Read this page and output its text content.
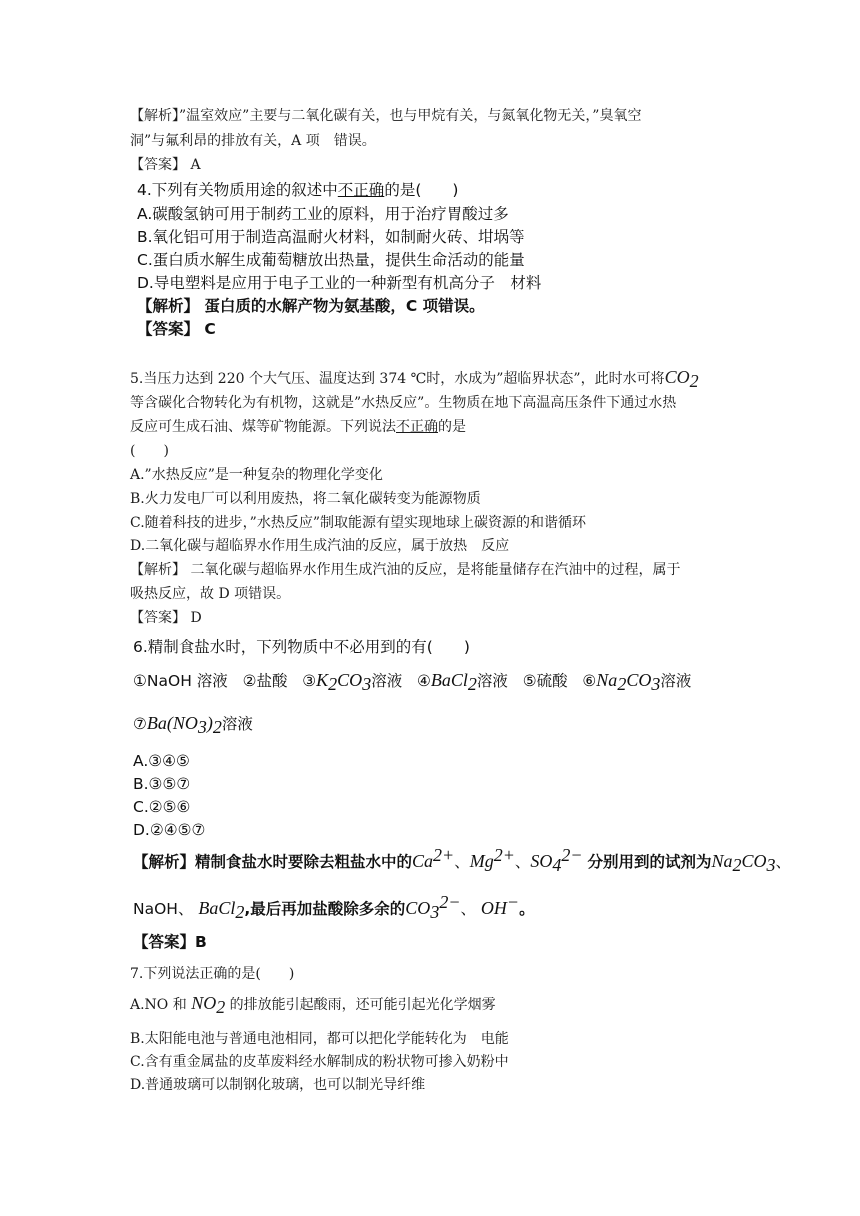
【解析】”温室效应”主要与二氧化碳有关，也与甲烷有关，与氮氧化物无关，”臭氧空
洞”与氟利昂的排放有关，A 项　错误。
【答案】 A
4.下列有关物质用途的叙述中不正确的是(　　)
A.碳酸氢钠可用于制药工业的原料，用于治疗胃酸过多
B.氧化铝可用于制造高温耐火材料，如制耐火砖、坩埚等
C.蛋白质水解生成葡萄糖放出热量，提供生命活动的能量
D.导电塑料是应用于电子工业的一种新型有机高分子　材料
【解析】 蛋白质的水解产物为氨基酸，C 项错误。
【答案】 C
5.当压力达到 220 个大气压、温度达到 374 ℃时，水成为”超临界状态”，此时水可将$CO_2$
等含碳化合物转化为有机物，这就是”水热反应”。生物质在地下高温高压条件下通过水热
反应可生成石油、煤等矿物能源。下列说法不正确的是
(　　)
A.”水热反应”是一种复杂的物理化学变化
B.火力发电厂可以利用废热，将二氧化碳转变为能源物质
C.随着科技的进步，”水热反应”制取能源有望实现地球上碳资源的和谐循环
D.二氧化碳与超临界水作用生成汽油的反应，属于放热　反应
【解析】 二氧化碳与超临界水作用生成汽油的反应，是将能量储存在汽油中的过程，属于
吸热反应，故 D 项错误。
【答案】 D
6.精制食盐水时，下列物质中不必用到的有(　　)
①NaOH 溶液 ②盐酸 $③K_2CO_3$溶液 ④BaCl$_2$溶液 ⑤硫酸 $⑥Na_2CO_3$溶液
$⑦Ba(NO_3)_2$溶液
A.③④⑤
B.③⑤⑦
C.②⑤⑥
D.②④⑤⑦
【解析】精制食盐水时要除去粗盐水中的$Ca^{2+}$、$Mg^{2+}$、$SO_4^{2-}$ 分别用到的试剂为$Na_2CO_3$、
NaOH、 BaCl$_2$,最后再加盐酸除多余的$CO_3^{2-}$、 OH−。
【答案】B
7.下列说法正确的是(　　)
A.NO 和 $NO_2$ 的排放能引起酸雨，还可能引起光化学烟雾
B.太阳能电池与普通电池相同，都可以把化学能转化为　电能
C.含有重金属盐的皮革废料经水解制成的粉状物可掺入奶粉中
D.普通玻璃可以制钢化玻璃，也可以制光导纤维
